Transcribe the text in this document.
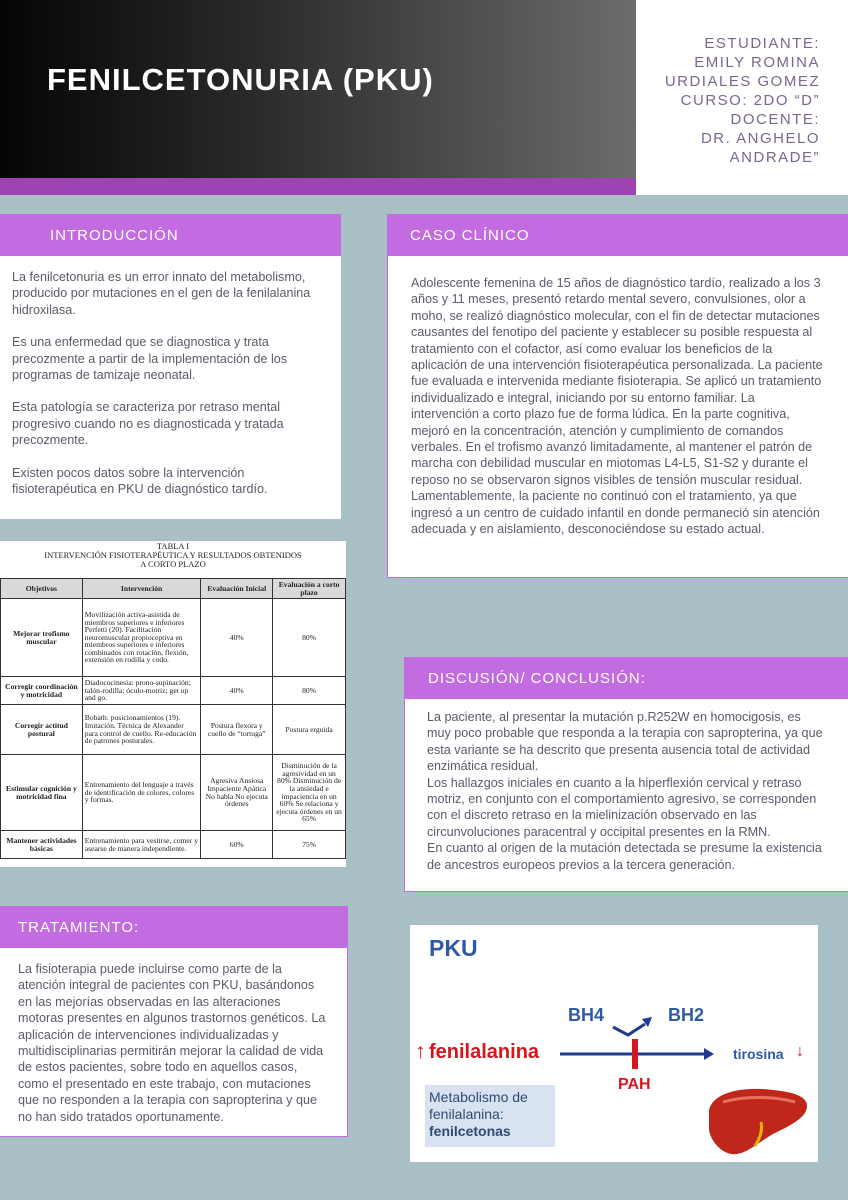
FENILCETONURIA (PKU)
ESTUDIANTE:
EMILY ROMINA
URDIALES GOMEZ
CURSO: 2DO “D”
DOCENTE:
DR. ANGHELO
ANDRADE”
INTRODUCCIÓN

La fenilcetonuria es un error innato del metabolismo, producido por mutaciones en el gen de la fenilalanina hidroxilasa.

Es una enfermedad que se diagnostica y trata precozmente a partir de la implementación de los programas de tamizaje neonatal.

Esta patología se caracteriza por retraso mental progresivo cuando no es diagnosticada y tratada precozmente.

Existen pocos datos sobre la intervención fisioterapéutica en PKU de diagnóstico tardío.

CASO CLÍNICO

Adolescente femenina de 15 años de diagnóstico tardío, realizado a los 3 años y 11 meses, presentó retardo mental severo, convulsiones, olor a moho, se realizó diagnóstico molecular, con el fin de detectar mutaciones causantes del fenotipo del paciente y establecer su posible respuesta al tratamiento con el cofactor, así como evaluar los beneficios de la aplicación de una intervención fisioterapéutica personalizada. La paciente fue evaluada e intervenida mediante fisioterapia. Se aplicó un tratamiento individualizado e integral, iniciando por su entorno familiar. La intervención a corto plazo fue de forma lúdica. En la parte cognitiva, mejoró en la concentración, atención y cumplimiento de comandos verbales. En el trofismo avanzó limitadamente, al mantener el patrón de marcha con debilidad muscular en miotomas L4-L5, S1-S2 y durante el reposo no se observaron signos visibles de tensión muscular residual. Lamentablemente, la paciente no continuó con el tratamiento, ya que ingresó a un centro de cuidado infantil en donde permaneció sin atención adecuada y en aislamiento, desconociéndose su estado actual.

TABLA I
INTERVENCIÓN FISIOTERAPÉUTICA Y RESULTADOS OBTENIDOS
A CORTO PLAZO
Objetivos	Intervención	Evaluación Inicial	Evaluación a corto plazo
Mejorar trofismo muscular	Movilización activa-asistida de miembros superiores e inferiores Perfetti (20). Facilitación neuromuscular propioceptiva en miembros superiores e inferiores combinados con rotación, flexión, extensión en rodilla y codo.	40%	80%
Corregir coordinación y motricidad	Diadococinesia: prono-supinación; talón-rodilla; óculo-motriz; get up and go.	40%	80%
Corregir actitud postural	Bobath: posicionamientos (19). Imitación. Técnica de Alexander para control de cuello. Re-educación de patrones posturales.	Postura flexora y cuello de “tortuga”	Postura erguida
Estimular cognición y motricidad fina	Entrenamiento del lenguaje a través de identificación de colores, colores y formas.	Agresiva Ansiosa Impaciente Apática No habla No ejecuta órdenes	Disminución de la agresividad en un 80% Disminución de la ansiedad e impaciencia en un 60% Se relaciona y ejecuta órdenes en un 65%
Mantener actividades básicas	Entrenamiento para vestirse, comer y asearse de manera independiente.	60%	75%
DISCUSIÓN/ CONCLUSIÓN:
La paciente, al presentar la mutación p.R252W en homocigosis, es muy poco probable que responda a la terapia con sapropterina, ya que esta variante se ha descrito que presenta ausencia total de actividad enzimática residual.
Los hallazgos iniciales en cuanto a la hiperflexión cervical y retraso motriz, en conjunto con el comportamiento agresivo, se corresponden con el discreto retraso en la mielinización observado en las circunvoluciones paracentral y occipital presentes en la RMN.
En cuanto al origen de la mutación detectada se presume la existencia de ancestros europeos previos a la tercera generación.
TRATAMIENTO:

La fisioterapia puede incluirse como parte de la atención integral de pacientes con PKU, basándonos en las mejorías observadas en las alteraciones motoras presentes en algunos trastornos genéticos. La aplicación de intervenciones individualizadas y multidisciplinarias permitirán mejorar la calidad de vida de estos pacientes, sobre todo en aquellos casos, como el presentado en este trabajo, con mutaciones que no responden a la terapia con sapropterina y que no han sido tratados oportunamente.

PKU
BH4	BH2
↑ fenilalanina	tirosina ↓
PAH
Metabolismo de
fenilalanina:
fenilcetonas
